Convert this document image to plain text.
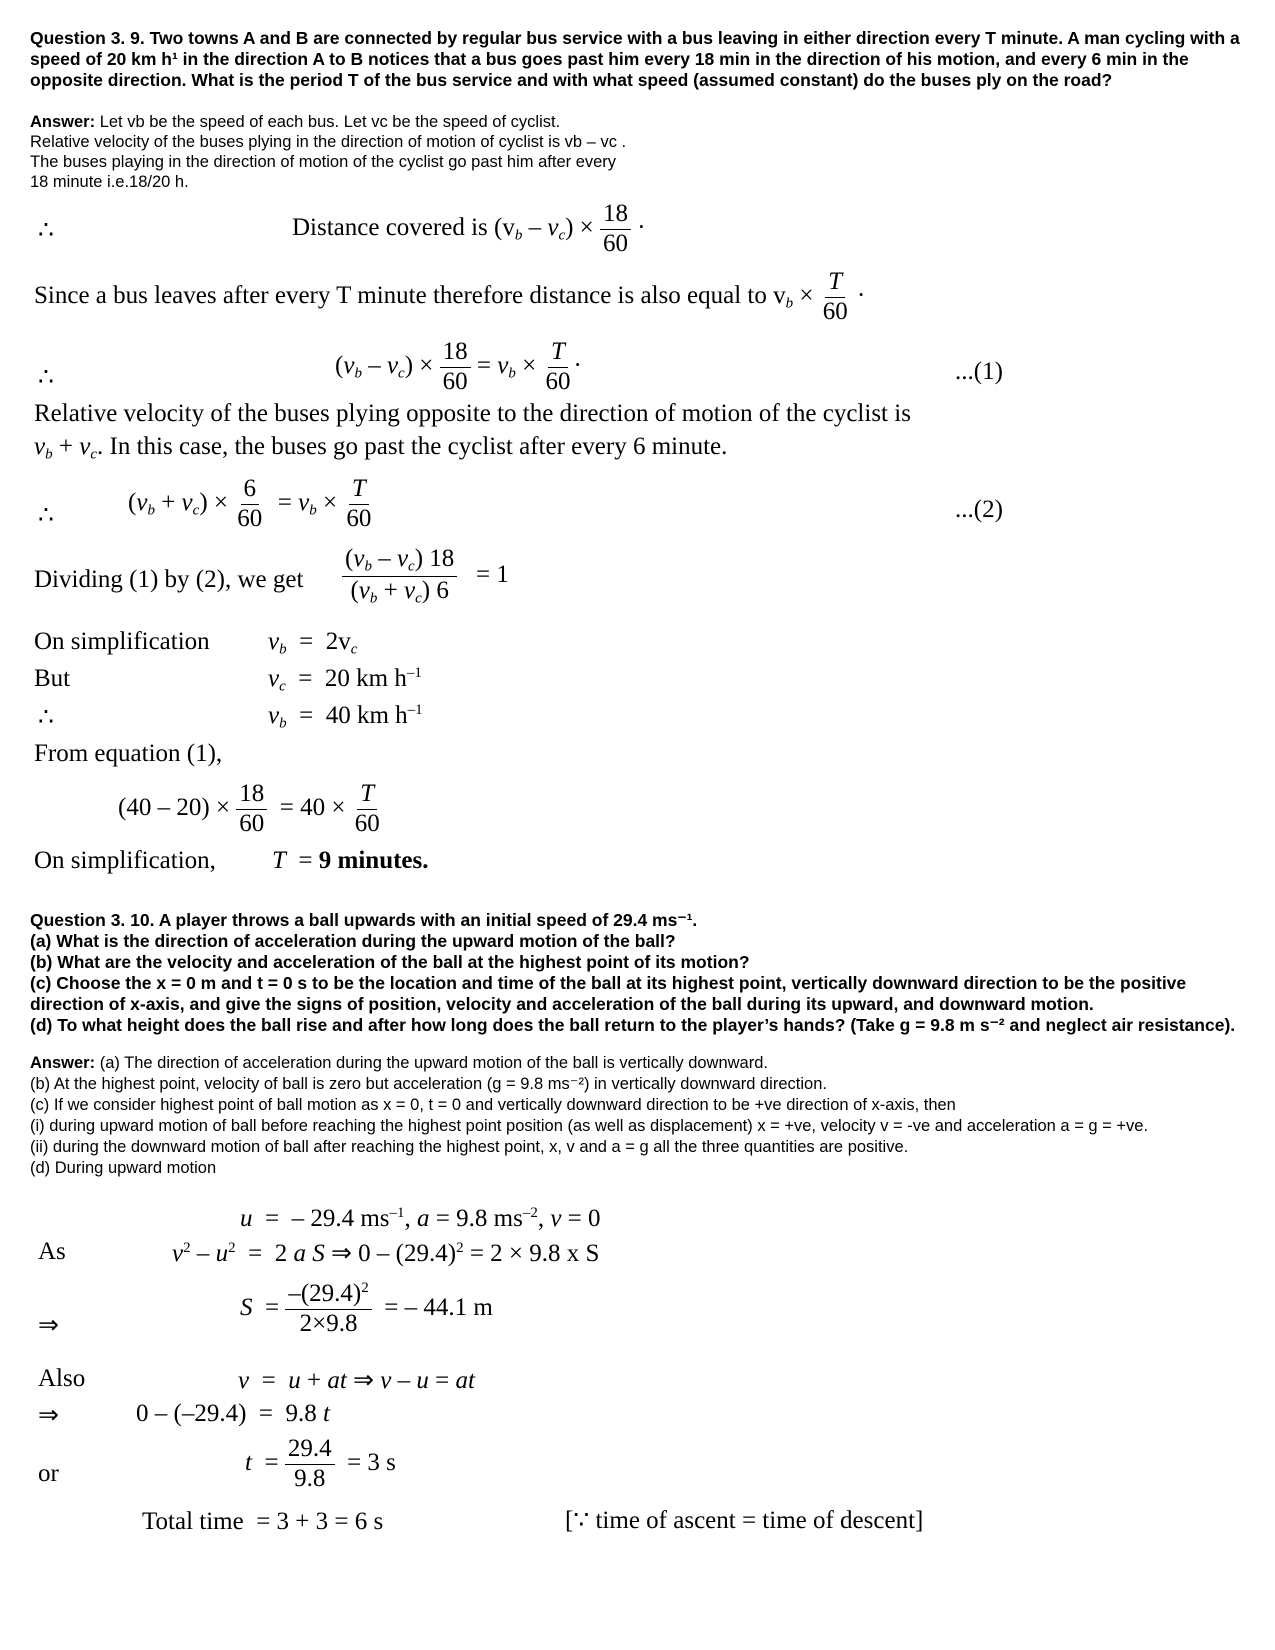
Question 3. 9. Two towns A and B are connected by regular bus service with a bus leaving in either direction every T minute. A man cycling with a speed of 20 km h¹ in the direction A to B notices that a bus goes past him every 18 min in the direction of his motion, and every 6 min in the opposite direction. What is the period T of the bus service and with what speed (assumed constant) do the buses ply on the road?
Answer: Let vb be the speed of each bus. Let vc be the speed of cyclist.
Relative velocity of the buses plying in the direction of motion of cyclist is vb – vc .
The buses playing in the direction of motion of the cyclist go past him after every
18 minute i.e.18/20 h.
∴	Distance covered is $(vb - vc) \times \frac{18}{60}$ ·
Since a bus leaves after every T minute therefore distance is also equal to vb × $\frac{T}{60}$ ·
∴	$(v_b - v_c) \times \frac{18}{60} = v_b \times \frac{T}{60}$ ·	...(1)
Relative velocity of the buses plying opposite to the direction of motion of the cyclist is
$v_b + v_c$. In this case, the buses go past the cyclist after every 6 minute.
∴	$(v_b + v_c) \times \frac{6}{60} = v_b \times \frac{T}{60}$	...(2)
Dividing (1) by (2), we get $\frac{(v_b - v_c) 18}{(v_b + v_c) 6} = 1$
On simplification $v_b = 2v_c$
But	$v_c = 20$ km $h^{-1}$
∴	$v_b = 40$ km $h^{-1}$
From equation (1),
$(40 - 20) \times \frac{18}{60} = 40 \times \frac{T}{60}$
On simplification, T  = 9 minutes.
Question 3. 10. A player throws a ball upwards with an initial speed of 29.4 ms⁻¹.
(a) What is the direction of acceleration during the upward motion of the ball?
(b) What are the velocity and acceleration of the ball at the highest point of its motion?
(c) Choose the x = 0 m and t = 0 s to be the location and time of the ball at its highest point, vertically downward direction to be the positive direction of x-axis, and give the signs of position, velocity and acceleration of the ball during its upward, and downward motion.
(d) To what height does the ball rise and after how long does the ball return to the player’s hands? (Take g = 9.8 m s⁻² and neglect air resistance).
Answer: (a) The direction of acceleration during the upward motion of the ball is vertically downward.
(b) At the highest point, velocity of ball is zero but acceleration (g = 9.8 ms⁻²) in vertically downward direction.
(c) If we consider highest point of ball motion as x = 0, t = 0 and vertically downward direction to be +ve direction of x-axis, then
(i) during upward motion of ball before reaching the highest point position (as well as displacement) x = +ve, velocity v = -ve and acceleration a = g = +ve.
(ii) during the downward motion of ball after reaching the highest point, x, v and a = g all the three quantities are positive.
(d) During upward motion
u  =  – 29.4 $ms^{-1}$, a = 9.8 $ms^{-2}$, v = 0
As	$v^2 - u^2 = 2$ a S ⇒ $0 - (29.4)^2 = 2 \times 9.8$ x S
⇒
$S = \frac{-(29.4)^2}{2\times 9.8}$ = – 44.1 m
Also	v  =  u + at ⇒ v – u = at
⇒	0 – (–29.4)  =  9.8 t
or	$t = \frac{29.4}{9.8} = 3$ s
Total time = 3 + 3 = 6 s	[∵ time of ascent = time of descent]
